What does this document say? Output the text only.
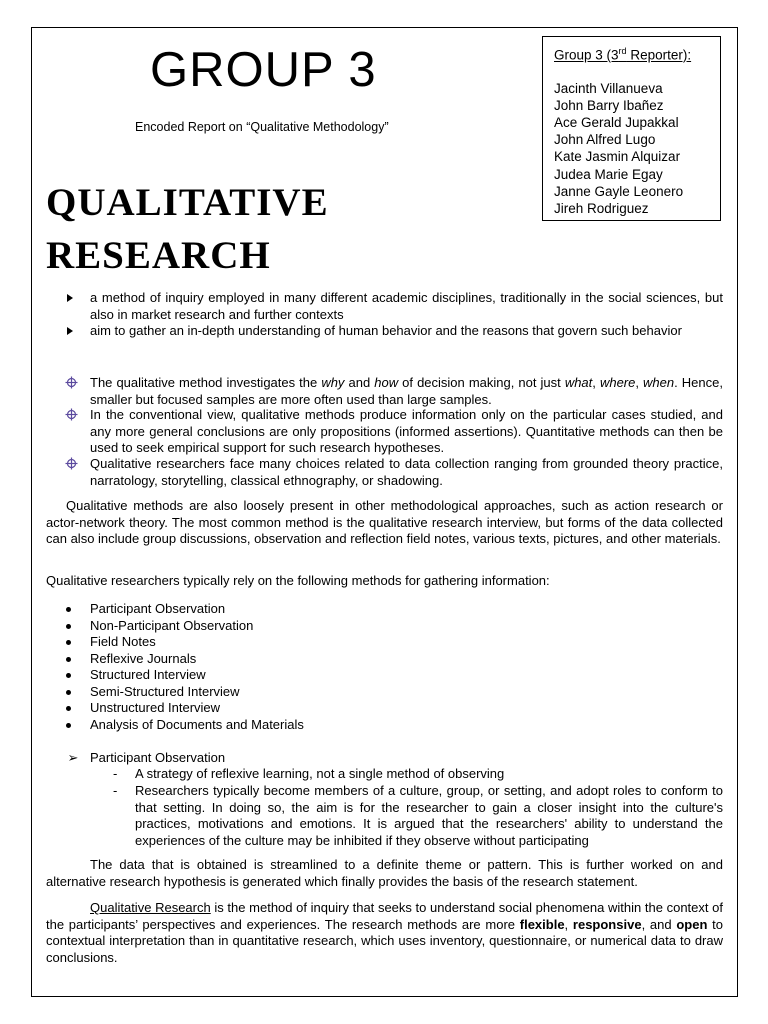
GROUP 3
Encoded Report on “Qualitative Methodology”
QUALITATIVE
RESEARCH
Group 3 (3rd Reporter):
Jacinth Villanueva
John Barry Ibañez
Ace Gerald Jupakkal
John Alfred Lugo
Kate Jasmin Alquizar
Judea Marie Egay
Janne Gayle Leonero
Jireh Rodriguez
a method of inquiry employed in many different academic disciplines, traditionally in the social sciences, but also in market research and further contexts
aim to gather an in-depth understanding of human behavior and the reasons that govern such behavior
The qualitative method investigates the why and how of decision making, not just what, where, when. Hence, smaller but focused samples are more often used than large samples.
In the conventional view, qualitative methods produce information only on the particular cases studied, and any more general conclusions are only propositions (informed assertions). Quantitative methods can then be used to seek empirical support for such research hypotheses.
Qualitative researchers face many choices related to data collection ranging from grounded theory practice, narratology, storytelling, classical ethnography, or shadowing.
Qualitative methods are also loosely present in other methodological approaches, such as action research or actor-network theory. The most common method is the qualitative research interview, but forms of the data collected can also include group discussions, observation and reflection field notes, various texts, pictures, and other materials.
Qualitative researchers typically rely on the following methods for gathering information:
Participant Observation
Non-Participant Observation
Field Notes
Reflexive Journals
Structured Interview
Semi-Structured Interview
Unstructured Interview
Analysis of Documents and Materials
➢ Participant Observation
- A strategy of reflexive learning, not a single method of observing
- Researchers typically become members of a culture, group, or setting, and adopt roles to conform to that setting. In doing so, the aim is for the researcher to gain a closer insight into the culture's practices, motivations and emotions. It is argued that the researchers' ability to understand the experiences of the culture may be inhibited if they observe without participating
The data that is obtained is streamlined to a definite theme or pattern. This is further worked on and alternative research hypothesis is generated which finally provides the basis of the research statement.
Qualitative Research is the method of inquiry that seeks to understand social phenomena within the context of the participants’ perspectives and experiences. The research methods are more flexible, responsive, and open to contextual interpretation than in quantitative research, which uses inventory, questionnaire, or numerical data to draw conclusions.
